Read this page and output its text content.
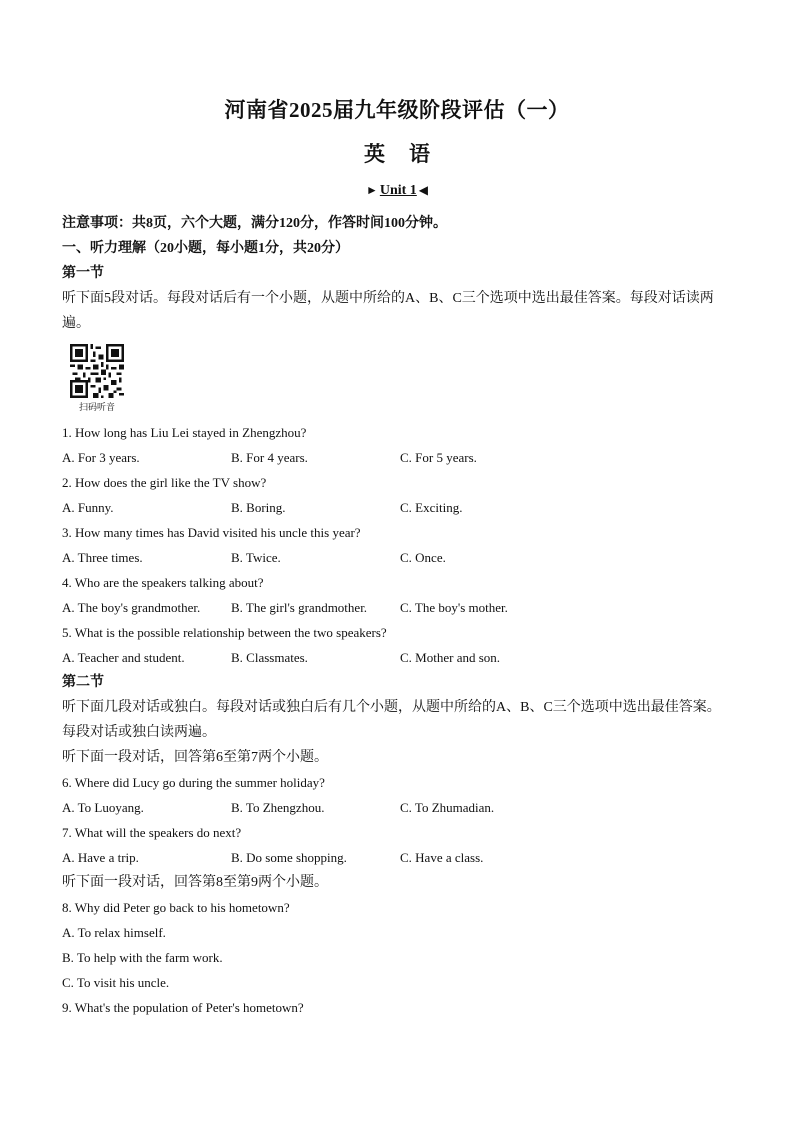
河南省2025届九年级阶段评估（一）
英 语
► Unit 1 ◀
注意事项：共8页，六个大题，满分120分，作答时间100分钟。
一、听力理解（20小题，每小题1分，共20分）
第一节
听下面5段对话。每段对话后有一个小题，从题中所给的A、B、C三个选项中选出最佳答案。每段对话读两
遍。
扫码听音
1. How long has Liu Lei stayed in Zhengzhou?
A. For 3 years.	B. For 4 years.	C. For 5 years.
2. How does the girl like the TV show?
A. Funny.	B. Boring.	C. Exciting.
3. How many times has David visited his uncle this year?
A. Three times.	B. Twice.	C. Once.
4. Who are the speakers talking about?
A. The boy's grandmother. B. The girl's grandmother.	C. The boy's mother.
5. What is the possible relationship between the two speakers?
A. Teacher and student.	B. Classmates.	C. Mother and son.
第二节
听下面几段对话或独白。每段对话或独白后有几个小题，从题中所给的A、B、C三个选项中选出最佳答案。
每段对话或独白读两遍。
听下面一段对话，回答第6至第7两个小题。
6. Where did Lucy go during the summer holiday?
A. To Luoyang.	B. To Zhengzhou.	C. To Zhumadian.
7. What will the speakers do next?
A. Have a trip.	B. Do some shopping.	C. Have a class.
听下面一段对话，回答第8至第9两个小题。
8. Why did Peter go back to his hometown?
A. To relax himself.
B. To help with the farm work.
C. To visit his uncle.
9. What's the population of Peter's hometown?
